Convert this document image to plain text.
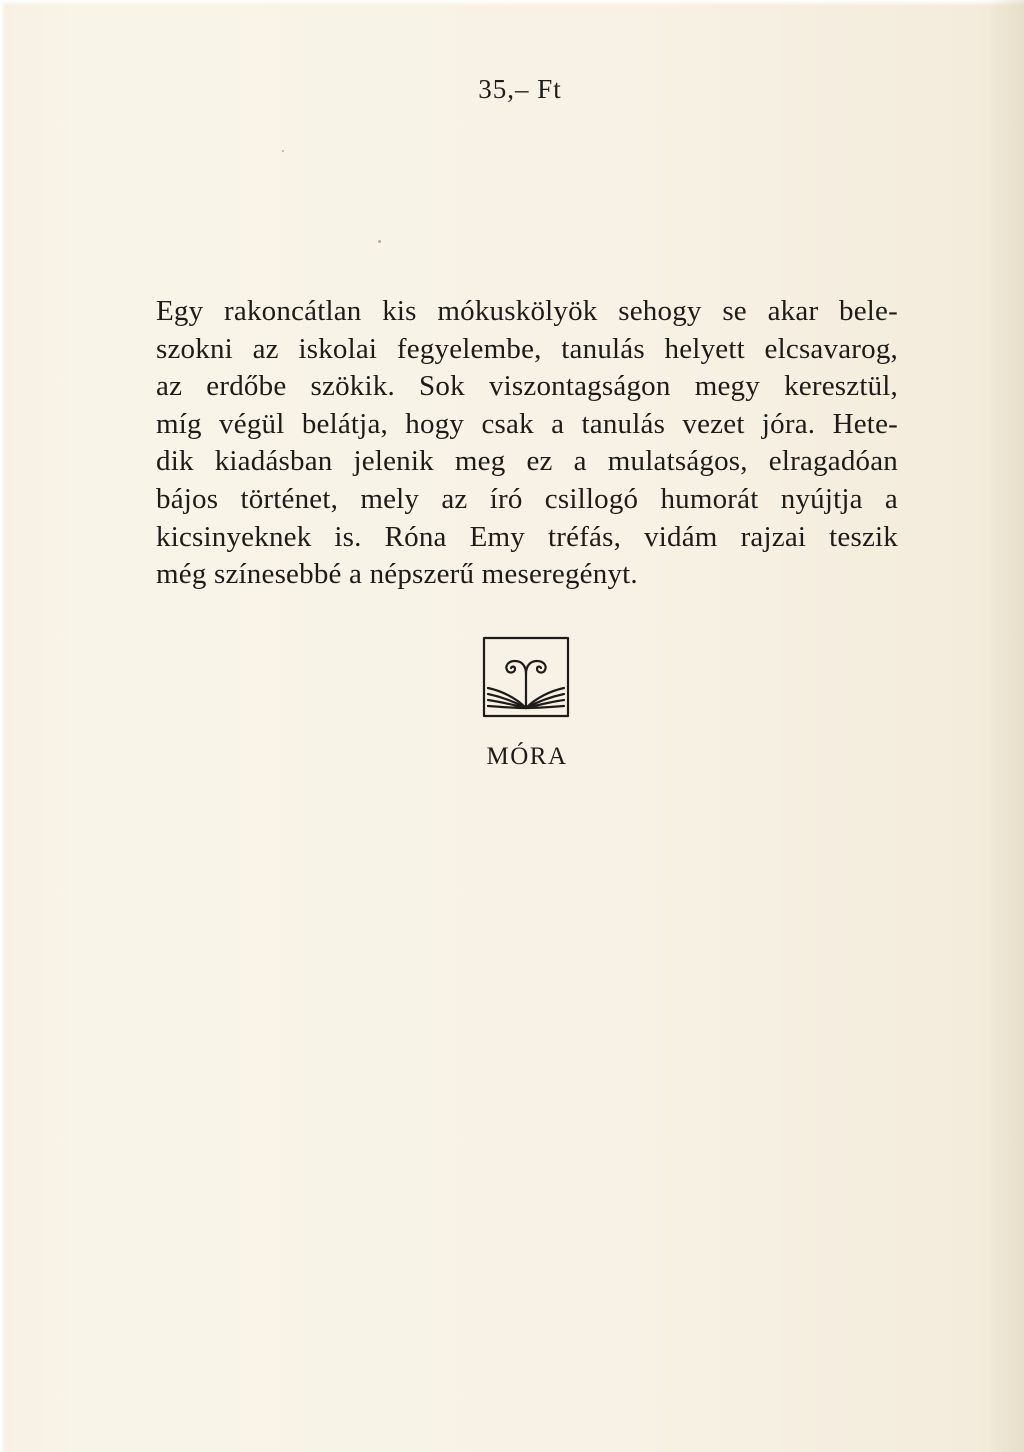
35,– Ft

Egy rakoncátlan kis mókuskölyök sehogy se akar bele-
szokni az iskolai fegyelembe, tanulás helyett elcsavarog,
az erdőbe szökik. Sok viszontagságon megy keresztül,
míg végül belátja, hogy csak a tanulás vezet jóra. Hete-
dik kiadásban jelenik meg ez a mulatságos, elragadóan
bájos történet, mely az író csillogó humorát nyújtja a
kicsinyeknek is. Róna Emy tréfás, vidám rajzai teszik
még színesebbé a népszerű meseregényt.

MÓRA
